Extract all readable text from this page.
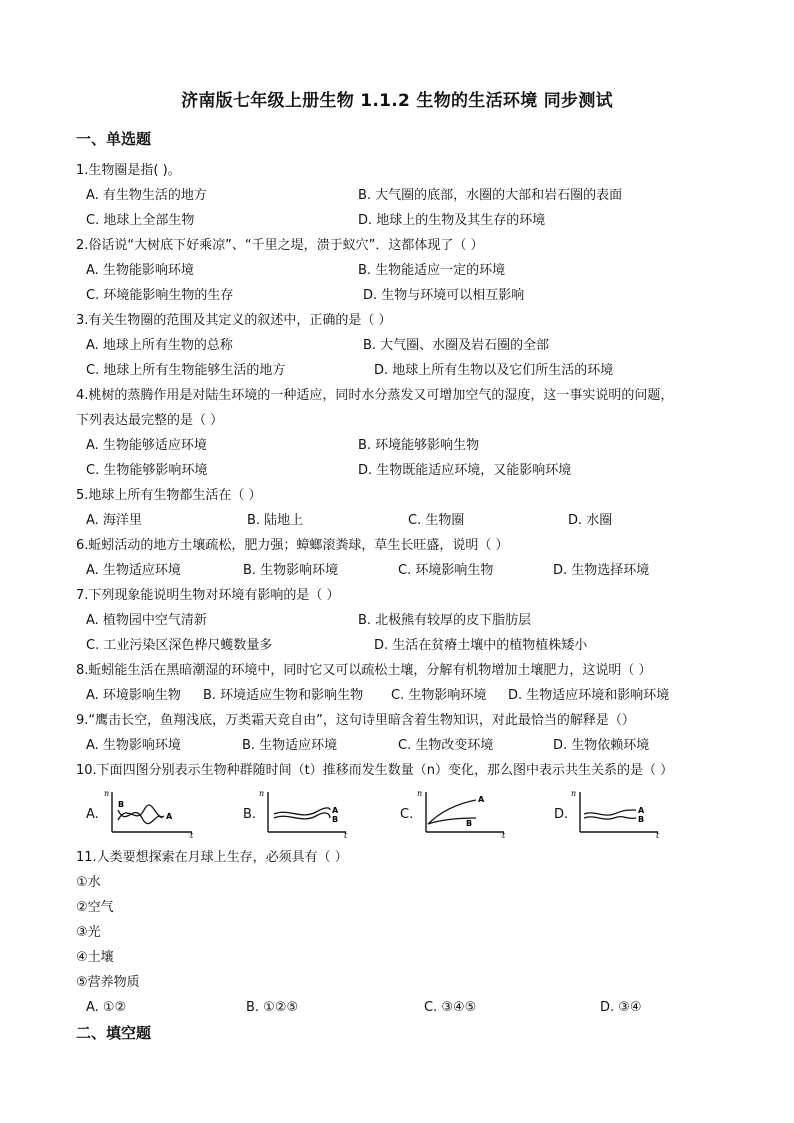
济南版七年级上册生物 1.1.2 生物的生活环境 同步测试
一、单选题
1.生物圈是指( )。
A. 有生物生活的地方	B. 大气圈的底部，水圈的大部和岩石圈的表面
C. 地球上全部生物	D. 地球上的生物及其生存的环境
2.俗话说“大树底下好乘凉”、“千里之堤，溃于蚁穴”．这都体现了（ ）
A. 生物能影响环境	B. 生物能适应一定的环境
C. 环境能影响生物的生存	D. 生物与环境可以相互影响
3.有关生物圈的范围及其定义的叙述中，正确的是（ ）
A. 地球上所有生物的总称	B. 大气圈、水圈及岩石圈的全部
C. 地球上所有生物能够生活的地方	D. 地球上所有生物以及它们所生活的环境
4.桃树的蒸腾作用是对陆生环境的一种适应，同时水分蒸发又可增加空气的湿度，这一事实说明的问题，
下列表达最完整的是（ ）
A. 生物能够适应环境	B. 环境能够影响生物
C. 生物能够影响环境	D. 生物既能适应环境，又能影响环境
5.地球上所有生物都生活在（ ）
A. 海洋里	B. 陆地上	C. 生物圈	D. 水圈
6.蚯蚓活动的地方土壤疏松，肥力强；蟑螂滚粪球，草生长旺盛，说明（ ）
A. 生物适应环境	B. 生物影响环境	C. 环境影响生物	D. 生物选择环境
7.下列现象能说明生物对环境有影响的是（ ）
A. 植物园中空气清新	B. 北极熊有较厚的皮下脂肪层
C. 工业污染区深色桦尺蠖数量多	D. 生活在贫瘠土壤中的植物植株矮小
8.蚯蚓能生活在黑暗潮湿的环境中，同时它又可以疏松土壤，分解有机物增加土壤肥力，这说明（ ）
A. 环境影响生物 B. 环境适应生物和影响生物 C. 生物影响环境 D. 生物适应环境和影响环境
9.“鹰击长空，鱼翔浅底，万类霜天竞自由”，这句诗里暗含着生物知识，对此最恰当的解释是（）
A. 生物影响环境	B. 生物适应环境	C. 生物改变环境	D. 生物依赖环境
10.下面四图分别表示生物种群随时间（t）推移而发生数量（n）变化，那么图中表示共生关系的是（ ）
A.
n
t
B
A	B.
n
t
A
B	C.
n
t
A
B
D.
n
t
A
B
11.人类要想探索在月球上生存，必须具有（ ）
①水
②空气
③光
④土壤
⑤营养物质
A. ①②	B. ①②⑤	C. ③④⑤	D. ③④
二、填空题
